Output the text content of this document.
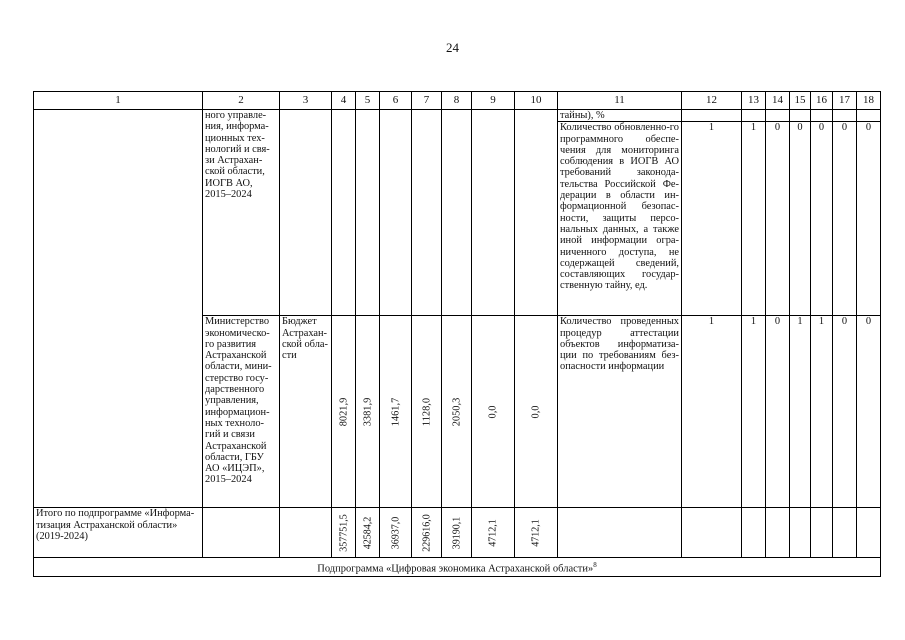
24
1	2	3	4	5	6	7	8	9	10	11	12	13	14	15	16	17	18
	ного управле-ния, информа-ционных тех-нологий и свя-зи Астрахан-ской области, ИОГВ АО, 2015–2024									тайны), %							
										Количество обновленно-го программного обеспе-чения для мониторинга соблюдения в ИОГВ АО требований законода-тельства Российской Фе-дерации в области ин-формационной безопас-ности, защиты персо-нальных данных, а также иной информации огра-ниченного доступа, не содержащей сведений, составляющих государ-ственную тайну, ед.	1	1	0	0	0	0	0
	Министерство экономическо-го развития Астраханской области, мини-стерство госу-дарственного управления, информацион-ных техноло-гий и связи Астраханской области, ГБУ АО «ИЦЭП», 2015–2024	Бюджет Астрахан-ской обла-сти	8021,9	3381,9	1461,7	1128,0	2050,3	0,0	0,0	Количество проведенных процедур аттестации объектов информатиза-ции по требованиям без-опасности информации	1	1	0	1	1	0	0
Итого по подпрограмме «Информа-тизация Астраханской области» (2019-2024)			357751,5	42584,2	36937,0	229616,0	39190,1	4712,1	4712,1								

Подпрограмма «Цифровая экономика Астраханской области»$^8$
